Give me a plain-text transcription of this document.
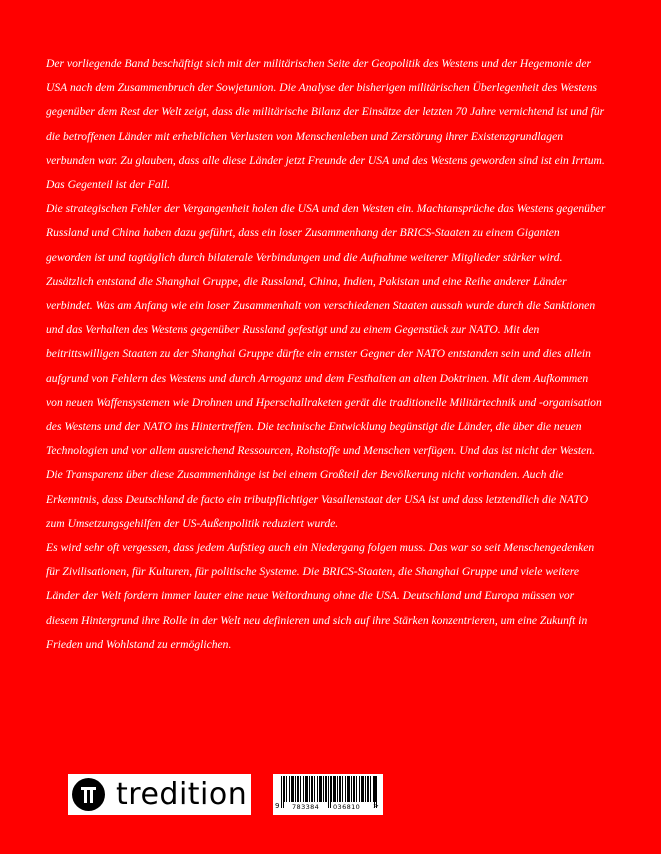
Der vorliegende Band beschäftigt sich mit der militärischen Seite der Geopolitik des Westens und der Hegemonie der USA nach dem Zusammenbruch der Sowjetunion. Die Analyse der bisherigen militärischen Überlegenheit des Westens gegenüber dem Rest der Welt zeigt, dass die militärische Bilanz der Einsätze der letzten 70 Jahre vernichtend ist und für die betroffenen Länder mit erheblichen Verlusten von Menschenleben und Zerstörung ihrer Existenzgrundlagen verbunden war. Zu glauben, dass alle diese Länder jetzt Freunde der USA und des Westens geworden sind ist ein Irrtum. Das Gegenteil ist der Fall.

Die strategischen Fehler der Vergangenheit holen die USA und den Westen ein. Machtansprüche das Westens gegenüber Russland und China haben dazu geführt, dass ein loser Zusammenhang der BRICS-Staaten zu einem Giganten geworden ist und tagtäglich durch bilaterale Verbindungen und die Aufnahme weiterer Mitglieder stärker wird.

Zusätzlich entstand die Shanghai Gruppe, die Russland, China, Indien, Pakistan und eine Reihe anderer Länder verbindet. Was am Anfang wie ein loser Zusammenhalt von verschiedenen Staaten aussah wurde durch die Sanktionen und das Verhalten des Westens gegenüber Russland gefestigt und zu einem Gegenstück zur NATO. Mit den beitrittswilligen Staaten zu der Shanghai Gruppe dürfte ein ernster Gegner der NATO entstanden sein und dies allein aufgrund von Fehlern des Westens und durch Arroganz und dem Festhalten an alten Doktrinen. Mit dem Aufkommen von neuen Waffensystemen wie Drohnen und Hperschallraketen gerät die traditionelle Militärtechnik und -organisation des Westens und der NATO ins Hintertreffen. Die technische Entwicklung begünstigt die Länder, die über die neuen Technologien und vor allem ausreichend Ressourcen, Rohstoffe und Menschen verfügen. Und das ist nicht der Westen.

Die Transparenz über diese Zusammenhänge ist bei einem Großteil der Bevölkerung nicht vorhanden. Auch die Erkenntnis, dass Deutschland de facto ein tributpflichtiger Vasallenstaat der USA ist und dass letztendlich die NATO zum Umsetzungsgehilfen der US-Außenpolitik reduziert wurde.

Es wird sehr oft vergessen, dass jedem Aufstieg auch ein Niedergang folgen muss. Das war so seit Menschengedenken für Zivilisationen, für Kulturen, für politische Systeme. Die BRICS-Staaten, die Shanghai Gruppe und viele weitere Länder der Welt fordern immer lauter eine neue Weltordnung ohne die USA. Deutschland und Europa müssen vor diesem Hintergrund ihre Rolle in der Welt neu definieren und sich auf ihre Stärken konzentrieren, um eine Zukunft in Frieden und Wohlstand zu ermöglichen.

tredition	9 783384 036810 >
